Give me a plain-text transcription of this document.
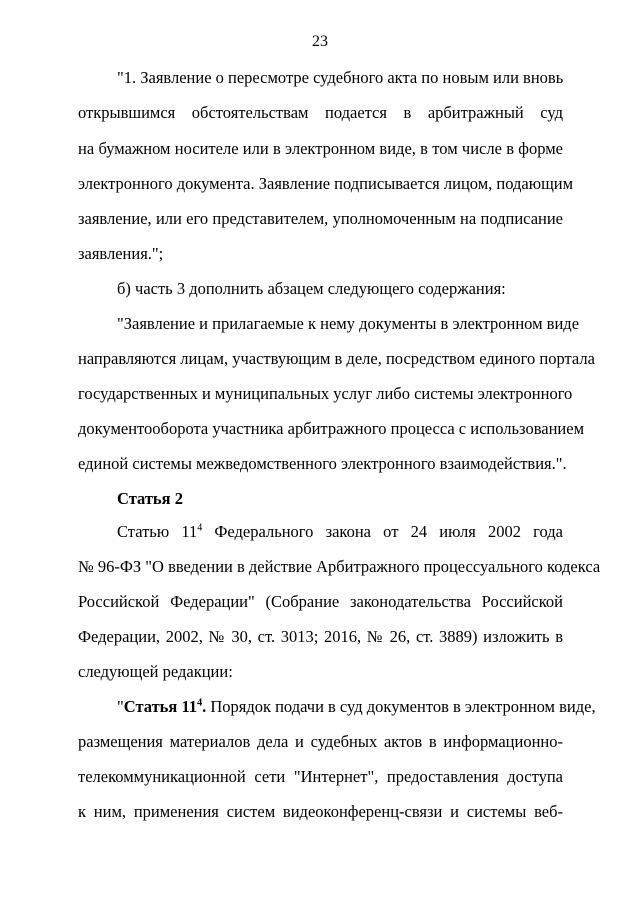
23
"1. Заявление о пересмотре судебного акта по новым или вновь
открывшимся обстоятельствам подается в арбитражный суд
на бумажном носителе или в электронном виде, в том числе в форме
электронного документа. Заявление подписывается лицом, подающим
заявление, или его представителем, уполномоченным на подписание
заявления.";
б) часть 3 дополнить абзацем следующего содержания:
"Заявление и прилагаемые к нему документы в электронном виде
направляются лицам, участвующим в деле, посредством единого портала
государственных и муниципальных услуг либо системы электронного
документооборота участника арбитражного процесса с использованием
единой системы межведомственного электронного взаимодействия.".
Статья 2
Статью $11^4$ Федерального закона от 24 июля 2002 года
№ 96-ФЗ "О введении в действие Арбитражного процессуального кодекса
Российской Федерации" (Собрание законодательства Российской
Федерации, 2002, № 30, ст. 3013; 2016, № 26, ст. 3889) изложить в
следующей редакции:
"Статья $11^4$. Порядок подачи в суд документов в электронном виде,
размещения материалов дела и судебных актов в информационно-
телекоммуникационной сети "Интернет", предоставления доступа
к ним, применения систем видеоконференц-связи и системы веб-
